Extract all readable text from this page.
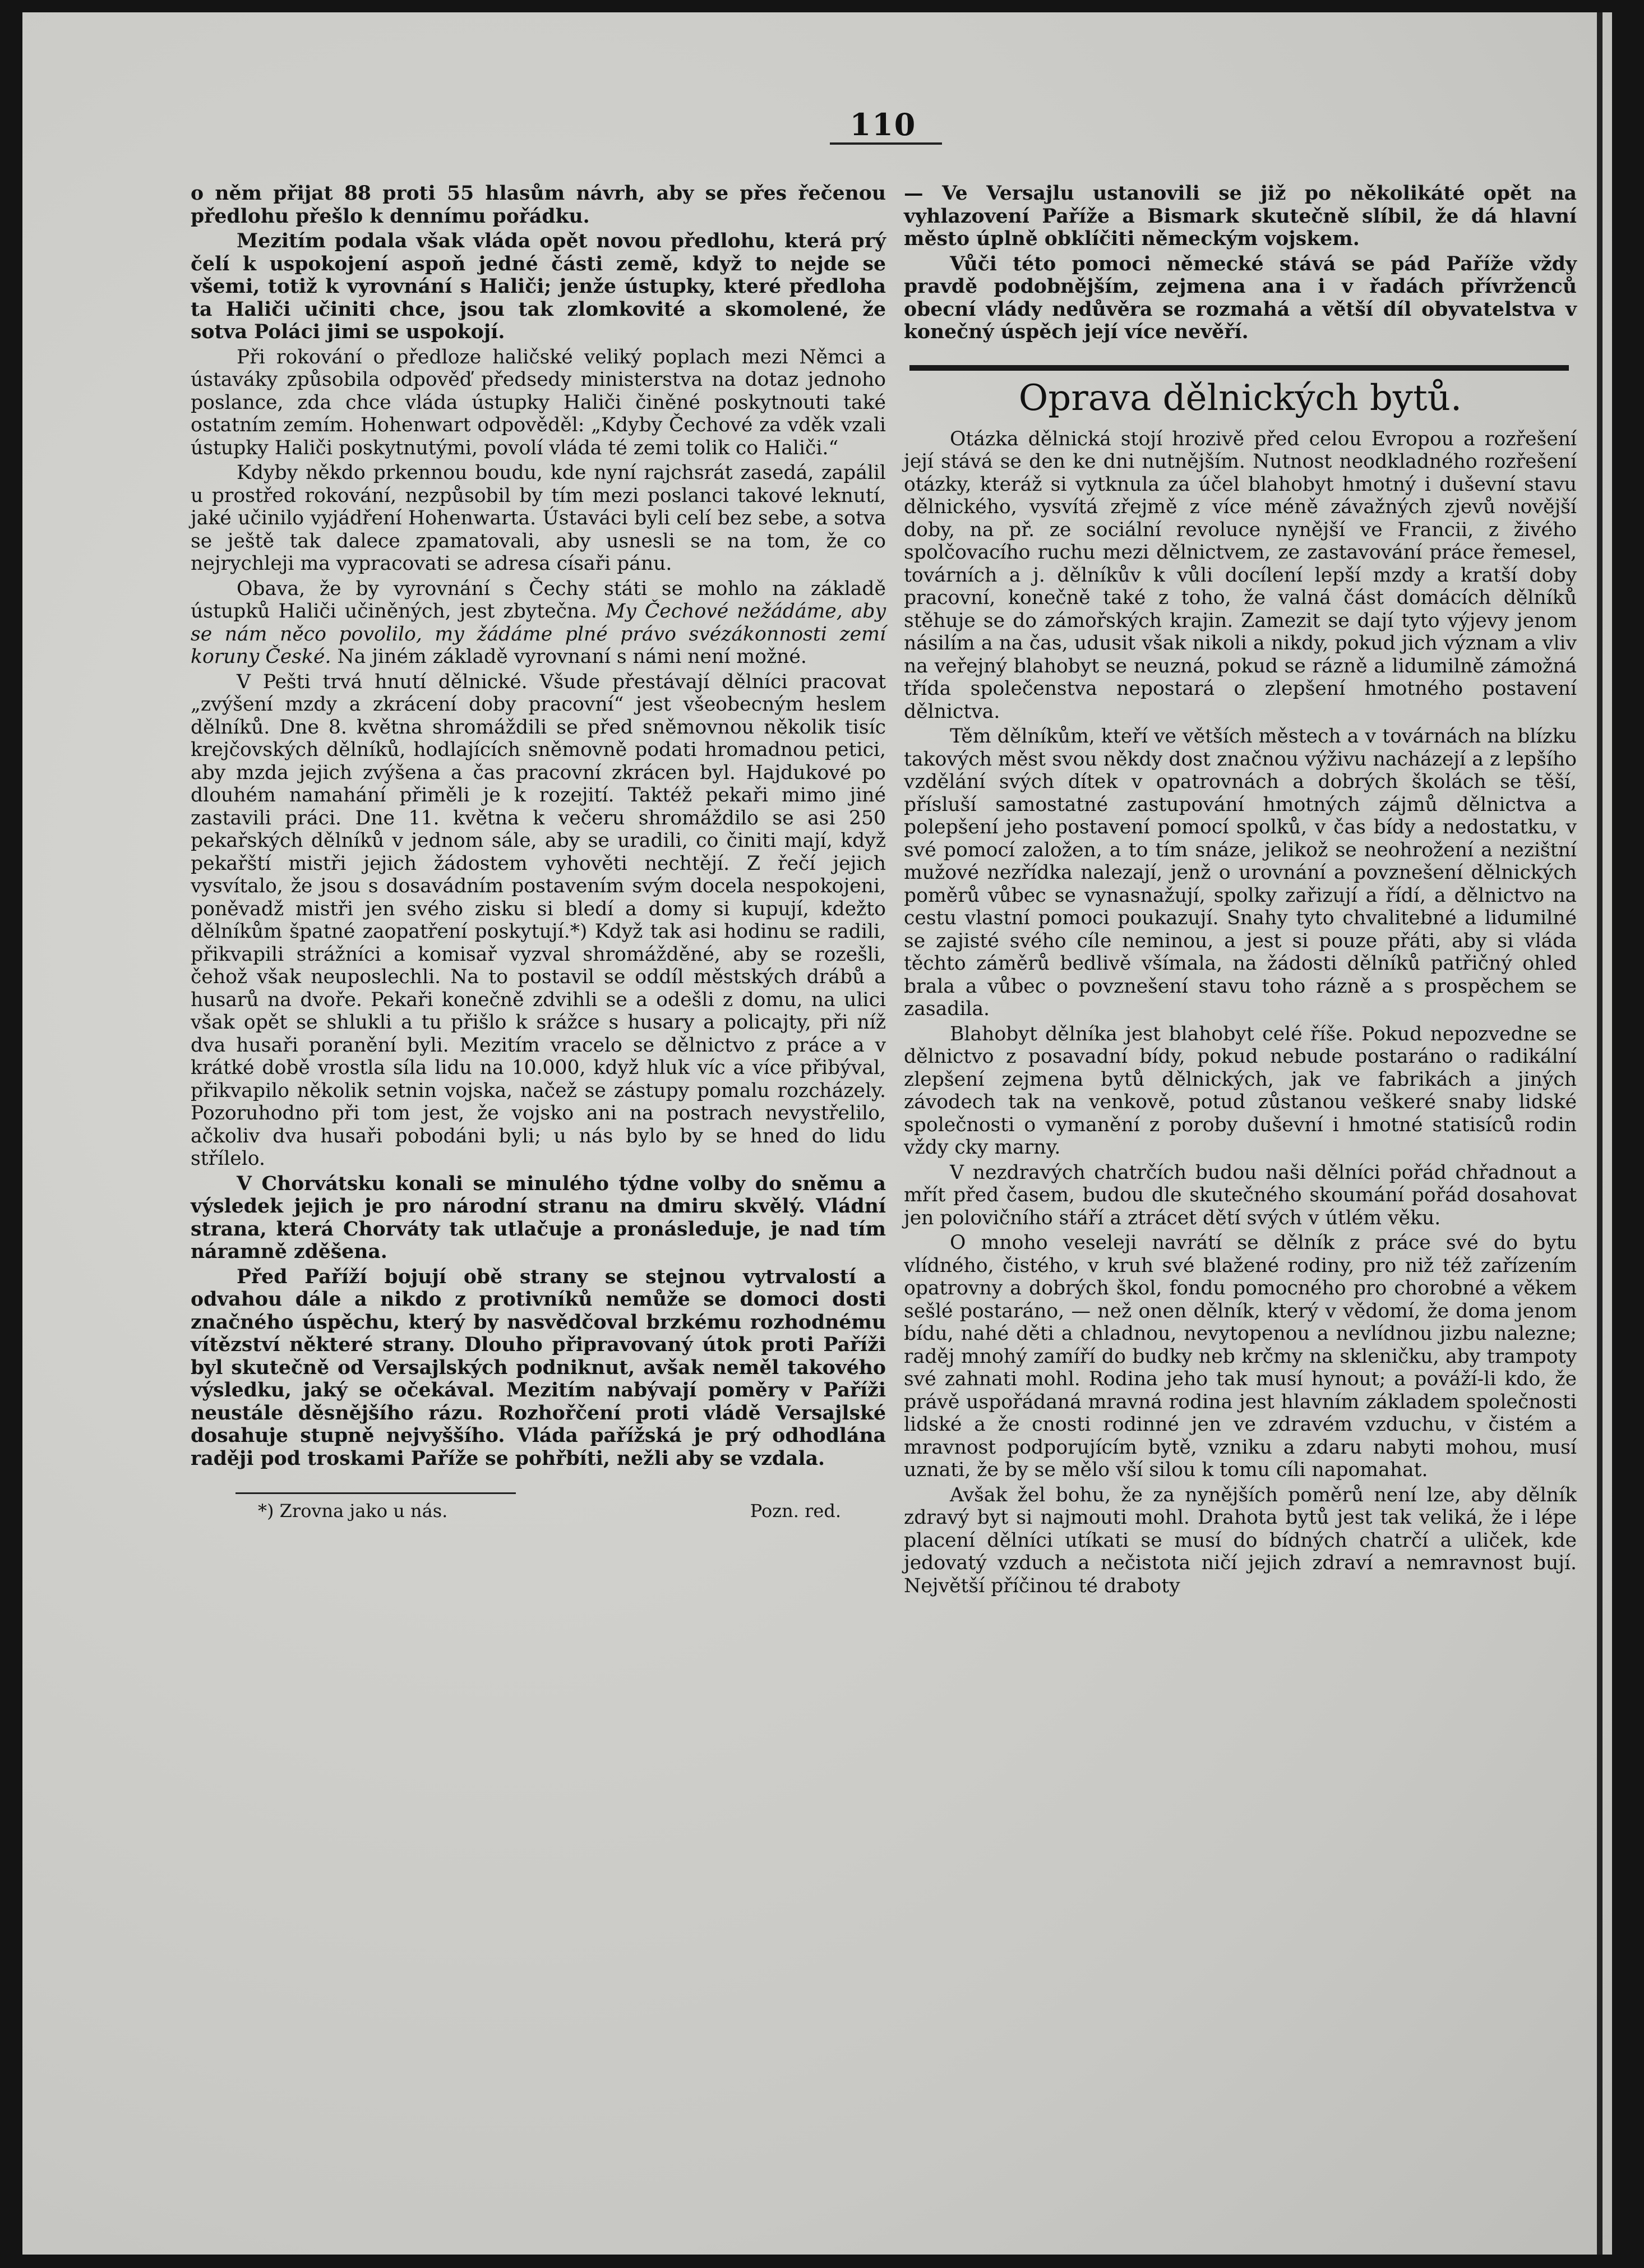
110

o něm přijat 88 proti 55 hlasům návrh, aby se přes řečenou předlohu přešlo k dennímu pořádku.

Mezitím podala však vláda opět novou předlohu, která prý čelí k uspokojení aspoň jedné části země, když to nejde se všemi, totiž k vyrovnání s Haliči; jenže ústupky, které předloha ta Haliči učiniti chce, jsou tak zlomkovité a skomolené, že sotva Poláci jimi se uspokojí.

Při rokování o předloze haličské veliký poplach mezi Němci a ústaváky způsobila odpověď předsedy ministerstva na dotaz jednoho poslance, zda chce vláda ústupky Haliči činěné poskytnouti také ostatním zemím. Hohenwart odpověděl: „Kdyby Čechové za vděk vzali ústupky Haliči poskytnutými, povolí vláda té zemi tolik co Haliči.“

Kdyby někdo prkennou boudu, kde nyní rajchsrát zasedá, zapálil u prostřed rokování, nezpůsobil by tím mezi poslanci takové leknutí, jaké učinilo vyjádření Hohenwarta. Ústaváci byli celí bez sebe, a sotva se ještě tak dalece zpamatovali, aby usnesli se na tom, že co nejrychleji ma vypracovati se adresa císaři pánu.

Obava, že by vyrovnání s Čechy státi se mohlo na základě ústupků Haliči učiněných, jest zbytečna. My Čechové nežádáme, aby se nám něco povolilo, my žádáme plné právo svézákonnosti zemí koruny České. Na jiném základě vyrovnaní s námi není možné.

V Pešti trvá hnutí dělnické. Všude přestávají dělníci pracovat „zvýšení mzdy a zkrácení doby pracovní“ jest všeobecným heslem dělníků. Dne 8. května shromáždili se před sněmovnou několik tisíc krejčovských dělníků, hodlajících sněmovně podati hromadnou petici, aby mzda jejich zvýšena a čas pracovní zkrácen byl. Hajdukové po dlouhém namahání přiměli je k rozejití. Taktéž pekaři mimo jiné zastavili práci. Dne 11. května k večeru shromáždilo se asi 250 pekařských dělníků v jednom sále, aby se uradili, co činiti mají, když pekařští mistři jejich žádostem vyhověti nechtějí. Z řečí jejich vysvítalo, že jsou s dosavádním postavením svým docela nespokojeni, poněvadž mistři jen svého zisku si bledí a domy si kupují, kdežto dělníkům špatné zaopatření poskytují.*) Když tak asi hodinu se radili, přikvapili strážníci a komisař vyzval shromážděné, aby se rozešli, čehož však neuposlechli. Na to postavil se oddíl městských drábů a husarů na dvoře. Pekaři konečně zdvihli se a odešli z domu, na ulici však opět se shlukli a tu přišlo k srážce s husary a policajty, při níž dva husaři poranění byli. Mezitím vracelo se dělnictvo z práce a v krátké době vrostla síla lidu na 10.000, když hluk víc a více přibýval, přikvapilo několik setnin vojska, načež se zástupy pomalu rozcházely. Pozoruhodno při tom jest, že vojsko ani na postrach nevystřelilo, ačkoliv dva husaři pobodáni byli; u nás bylo by se hned do lidu střílelo.

V Chorvátsku konali se minulého týdne volby do sněmu a výsledek jejich je pro národní stranu na dmiru skvělý. Vládní strana, která Chorváty tak utlačuje a pronásleduje, je nad tím náramně zděšena.

Před Paříží bojují obě strany se stejnou vytrvalostí a odvahou dále a nikdo z protivníků nemůže se domoci dosti značného úspěchu, který by nasvědčoval brzkému rozhodnému vítězství některé strany. Dlouho připravovaný útok proti Paříži byl skutečně od Versajlských podniknut, avšak neměl takového výsledku, jaký se očekával. Mezitím nabývají poměry v Paříži neustále děsnějšího rázu. Rozhořčení proti vládě Versajlské dosahuje stupně nejvyššího. Vláda pařížská je prý odhodlána raději pod troskami Paříže se pohřbíti, nežli aby se vzdala.

*) Zrovna jako u nás.	Pozn. red.

— Ve Versajlu ustanovili se již po několikáté opět na vyhlazovení Paříže a Bismark skutečně slíbil, že dá hlavní město úplně obklíčiti německým vojskem.

Vůči této pomoci německé stává se pád Paříže vždy pravdě podobnějším, zejmena ana i v řadách přívrženců obecní vlády nedůvěra se rozmahá a větší díl obyvatelstva v konečný úspěch její více nevěří.

Oprava dělnických bytů.

Otázka dělnická stojí hrozivě před celou Evropou a rozřešení její stává se den ke dni nutnějším. Nutnost neodkladného rozřešení otázky, kteráž si vytknula za účel blahobyt hmotný i duševní stavu dělnického, vysvítá zřejmě z více méně závažných zjevů novější doby, na př. ze sociální revoluce nynější ve Francii, z živého spolčovacího ruchu mezi dělnictvem, ze zastavování práce řemesel, továrních a j. dělníkův k vůli docílení lepší mzdy a kratší doby pracovní, konečně také z toho, že valná část domácích dělníků stěhuje se do zámořských krajin. Zamezit se dají tyto výjevy jenom násilím a na čas, udusit však nikoli a nikdy, pokud jich význam a vliv na veřejný blahobyt se neuzná, pokud se rázně a lidumilně zámožná třída společenstva nepostará o zlepšení hmotného postavení dělnictva.

Těm dělníkům, kteří ve větších městech a v továrnách na blízku takových měst svou někdy dost značnou výživu nacházejí a z lepšího vzdělání svých dítek v opatrovnách a dobrých školách se těší, přísluší samostatné zastupování hmotných zájmů dělnictva a polepšení jeho postavení pomocí spolků, v čas bídy a nedostatku, v své pomocí založen, a to tím snáze, jelikož se neohrožení a nezištní mužové nezřídka nalezají, jenž o urovnání a povznešení dělnických poměrů vůbec se vynasnažují, spolky zařizují a řídí, a dělnictvo na cestu vlastní pomoci poukazují. Snahy tyto chvalitebné a lidumilné se zajisté svého cíle neminou, a jest si pouze přáti, aby si vláda těchto záměrů bedlivě všímala, na žádosti dělníků patřičný ohled brala a vůbec o povznešení stavu toho rázně a s prospěchem se zasadila.

Blahobyt dělníka jest blahobyt celé říše. Pokud nepozvedne se dělnictvo z posavadní bídy, pokud nebude postaráno o radikální zlepšení zejmena bytů dělnických, jak ve fabrikách a jiných závodech tak na venkově, potud zůstanou veškeré snaby lidské společnosti o vymanění z poroby duševní i hmotné statisíců rodin vždy cky marny.

V nezdravých chatrčích budou naši dělníci pořád chřadnout a mřít před časem, budou dle skutečného skoumání pořád dosahovat jen polovičního stáří a ztrácet dětí svých v útlém věku.

O mnoho veseleji navrátí se dělník z práce své do bytu vlídného, čistého, v kruh své blažené rodiny, pro niž též zařízením opatrovny a dobrých škol, fondu pomocného pro chorobné a věkem sešlé postaráno, — než onen dělník, který v vědomí, že doma jenom bídu, nahé děti a chladnou, nevytopenou a nevlídnou jizbu nalezne; raděj mnohý zamíří do budky neb krčmy na skleničku, aby trampoty své zahnati mohl. Rodina jeho tak musí hynout; a pováží-li kdo, že právě uspořádaná mravná rodina jest hlavním základem společnosti lidské a že cnosti rodinné jen ve zdravém vzduchu, v čistém a mravnost podporujícím bytě, vzniku a zdaru nabyti mohou, musí uznati, že by se mělo vší silou k tomu cíli napomahat.

Avšak žel bohu, že za nynějších poměrů není lze, aby dělník zdravý byt si najmouti mohl. Drahota bytů jest tak veliká, že i lépe placení dělníci utíkati se musí do bídných chatrčí a uliček, kde jedovatý vzduch a nečistota ničí jejich zdraví a nemravnost bují. Největší příčinou té draboty
